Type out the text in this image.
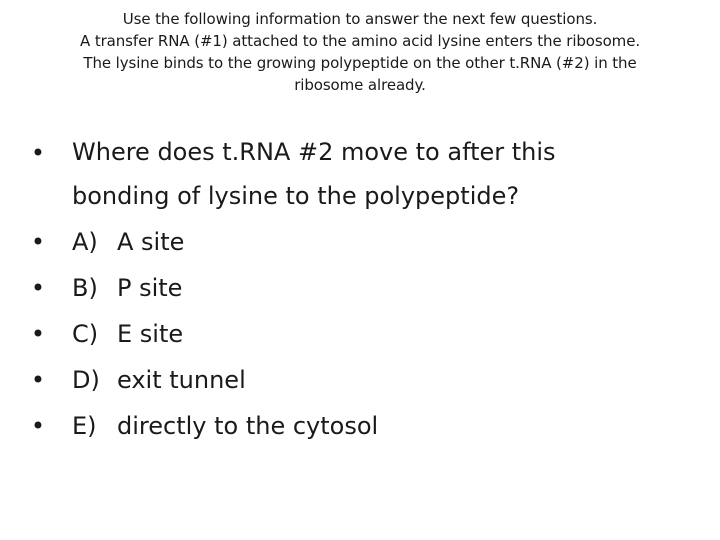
Use the following information to answer the next few questions.
A transfer RNA (#1) attached to the amino acid lysine enters the ribosome.
The lysine binds to the growing polypeptide on the other t.RNA (#2) in the
ribosome already.
• Where does t.RNA #2 move to after this
bonding of lysine to the polypeptide?
• A) A site
• B) P site
• C) E site
• D) exit tunnel
• E) directly to the cytosol
